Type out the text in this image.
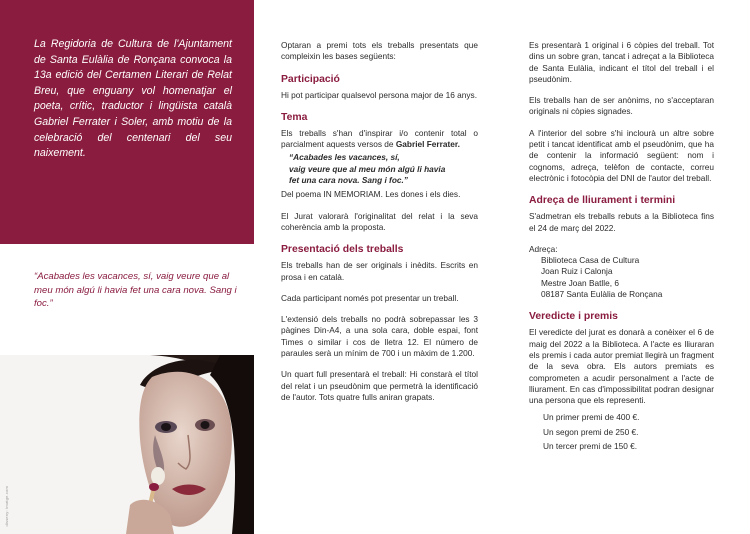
La Regidoria de Cultura de l'Ajuntament de Santa Eulàlia de Ronçana convoca la 13a edició del Certamen Literari de Relat Breu, que enguany vol homenatjar el poeta, crític, traductor i lingüista català Gabriel Ferrater i Soler, amb motiu de la celebració del centenari del seu naixement.

“Acabades les vacances, sí, vaig veure que al meu món algú li havia fet una cara nova. Sang i foc.”

disseny: Imatge.com

Optaran a premi tots els treballs presentats que compleixin les bases següents:

Participació

Hi pot participar qualsevol persona major de 16 anys.

Tema

Els treballs s'han d'inspirar i/o contenir total o parcialment aquests versos de Gabriel Ferrater.

“Acabades les vacances, sí,
vaig veure que al meu món algú li havia
fet una cara nova. Sang i foc.”

Del poema IN MEMORIAM. Les dones i els dies.

El Jurat valorarà l'originalitat del relat i la seva coherència amb la proposta.

Presentació dels treballs

Els treballs han de ser originals i inèdits. Escrits en prosa i en català.

Cada participant només pot presentar un treball.

L'extensió dels treballs no podrà sobrepassar les 3 pàgines Din-A4, a una sola cara, doble espai, font Times o similar i cos de lletra 12. El número de paraules serà un mínim de 700 i un màxim de 1.200.

Un quart full presentarà el treball: Hi constarà el títol del relat i un pseudònim que permetrà la identificació de l'autor. Tots quatre fulls aniran grapats.

Es presentarà 1 original i 6 còpies del treball. Tot dins un sobre gran, tancat i adreçat a la Biblioteca de Santa Eulàlia, indicant el títol del treball i el pseudònim.

Els treballs han de ser anònims, no s'acceptaran originals ni còpies signades.

A l'interior del sobre s'hi inclourà un altre sobre petit i tancat identificat amb el pseudònim, que ha de contenir la informació següent: nom i cognoms, adreça, telèfon de contacte, correu electrònic i fotocòpia del DNI de l'autor del treball.

Adreça de lliurament i termini

S'admetran els treballs rebuts a la Biblioteca fins el 24 de març del 2022.

Adreça:
Biblioteca Casa de Cultura
Joan Ruiz i Calonja
Mestre Joan Batlle, 6
08187 Santa Eulàlia de Ronçana
Veredicte i premis

El veredicte del jurat es donarà a conèixer el 6 de maig del 2022 a la Biblioteca. A l'acte es lliuraran els premis i cada autor premiat llegirà un fragment de la seva obra. Els autors premiats es comprometen a acudir personalment a l'acte de lliurament. En cas d'impossibilitat podran designar una persona que els representi.

Un primer premi de 400 €.
Un segon premi de 250 €.
Un tercer premi de 150 €.
